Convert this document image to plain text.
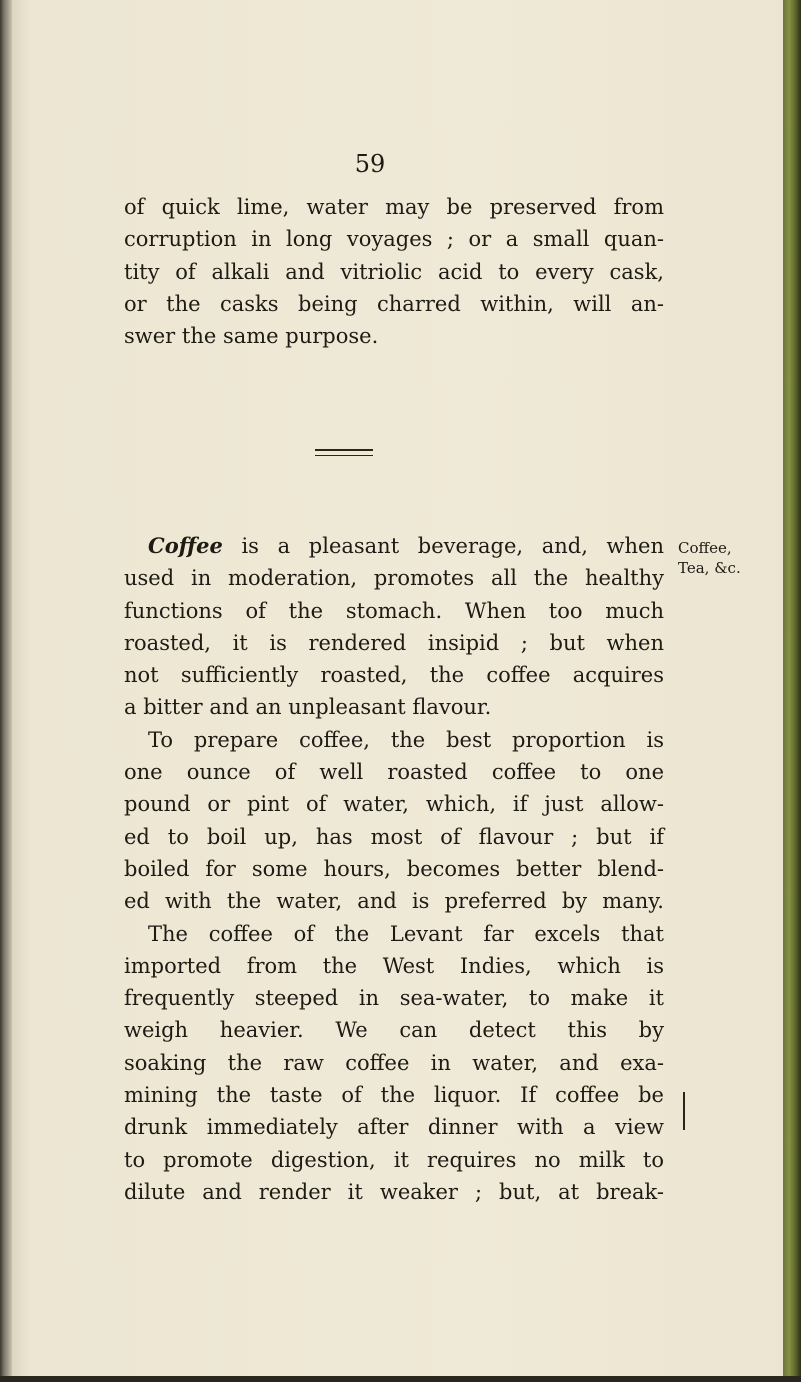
59
of quick lime, water may be preserved from
corruption in long voyages ; or a small quan-
tity of alkali and vitriolic acid to every cask,
or the casks being charred within, will an-
swer the same purpose.
Coffee is a pleasant beverage, and, when
used in moderation, promotes all the healthy
functions of the stomach. When too much
roasted, it is rendered insipid ; but when
not sufficiently roasted, the coffee acquires
a bitter and an unpleasant flavour.
To prepare coffee, the best proportion is
one ounce of well roasted coffee to one
pound or pint of water, which, if just allow-
ed to boil up, has most of flavour ; but if
boiled for some hours, becomes better blend-
ed with the water, and is preferred by many.
The coffee of the Levant far excels that
imported from the West Indies, which is
frequently steeped in sea-water, to make it
weigh heavier. We can detect this by
soaking the raw coffee in water, and exa-
mining the taste of the liquor. If coffee be
drunk immediately after dinner with a view
to promote digestion, it requires no milk to
dilute and render it weaker ; but, at break-
Coffee,
Tea, &c.
